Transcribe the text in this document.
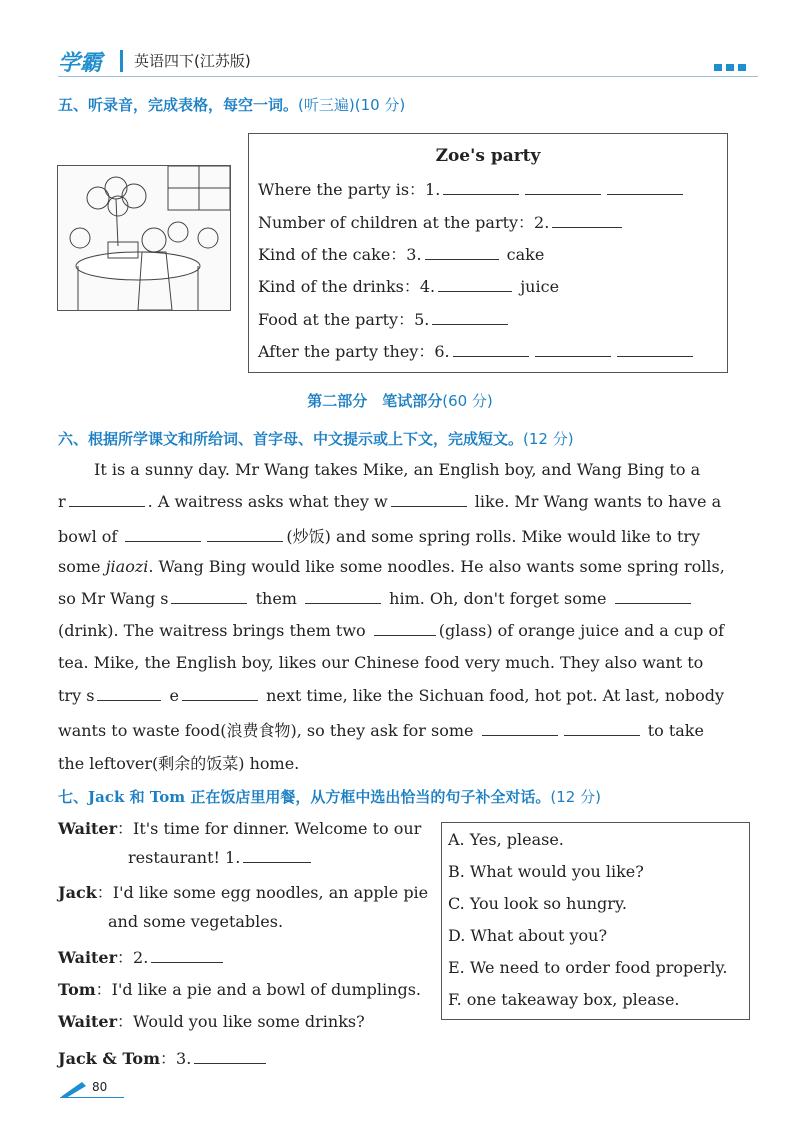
学霸 英语四下(江苏版)
五、听录音，完成表格，每空一词。(听三遍)(10 分)
Zoe's party
Where the party is：1.
Number of children at the party：2.
Kind of the cake：3.	cake
Kind of the drinks：4.	juice
Food at the party：5.
After the party they：6.
第二部分　笔试部分(60 分)
六、根据所学课文和所给词、首字母、中文提示或上下文，完成短文。(12 分)
It is a sunny day. Mr Wang takes Mike, an English boy, and Wang Bing to a
r	. A waitress asks what they w	like. Mr Wang wants to have a
bowl of	(炒饭) and some spring rolls. Mike would like to try
some jiaozi. Wang Bing would like some noodles. He also wants some spring rolls,
so Mr Wang s	them	him. Oh, don't forget some
(drink). The waitress brings them two	(glass) of orange juice and a cup of
tea. Mike, the English boy, likes our Chinese food very much. They also want to
try s	e	next time, like the Sichuan food, hot pot. At last, nobody
wants to waste food(浪费食物), so they ask for some	to take
the leftover(剩余的饭菜) home.
七、Jack 和 Tom 正在饭店里用餐，从方框中选出恰当的句子补全对话。(12 分)
Waiter：It's time for dinner. Welcome to our
restaurant! 1.
Jack：I'd like some egg noodles, an apple pie
and some vegetables.
Waiter：2.
Tom：I'd like a pie and a bowl of dumplings.
Waiter：Would you like some drinks?
Jack & Tom：3.
A. Yes, please.
B. What would you like?
C. You look so hungry.
D. What about you?
E. We need to order food properly.
F. one takeaway box, please.
80
